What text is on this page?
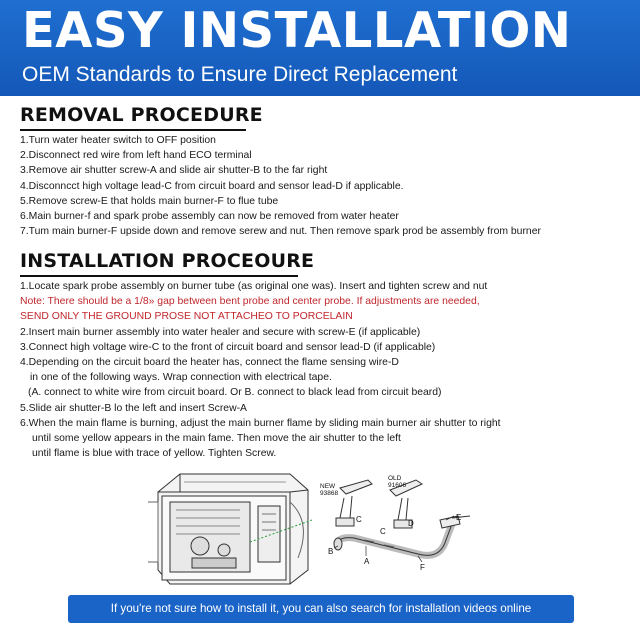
EASY INSTALLATION
OEM Standards to Ensure Direct Replacement
REMOVAL PROCEDURE
1.Turn water heater switch to OFF position
2.Disconnect red wire from left hand ECO terminal
3.Remove air shutter screw-A and slide air shutter-B to the far right
4.Disconncct high voltage lead-C from circuit board and sensor lead-D if applicable.
5.Remove screw-E that holds main burner-F to flue tube
6.Main burner-f and spark probe assembly can now be removed from water heater
7.Tum main burner-F upside down and remove serew and nut. Then remove spark prod be assembly from burner
INSTALLATION PROCEOURE
1.Locate spark probe assembly on burner tube (as original one was). Insert and tighten screw and nut
Note: There should be a 1/8» gap between bent probe and center probe. If adjustments are needed,
SEND ONLY THE GROUND PROSE NOT ATTACHEO TO PORCELAIN
2.Insert main burner assembly into water healer and secure with screw-E (if applicable)
3.Connect high voltage wire-C to the front of circuit board and sensor lead-D (if applicable)
4.Depending on the circuit board the heater has, connect the flame sensing wire-D
in one of the following ways. Wrap connection with electrical tape.
(A. connect to white wire from circuit board. Or B. connect to black lead from circuit beard)
5.Slide air shutter-B lo the left and insert Screw-A
6.When the main flame is burning, adjust the main burner flame by sliding main burner air shutter to right
until some yellow appears in the main fame. Then move the air shutter to the left
until flame is blue with trace of yellow. Tighten Screw.
NEW
93868
OLD
91606
C
C
D
E
B
A
F
If you're not sure how to install it, you can also search for installation videos online
